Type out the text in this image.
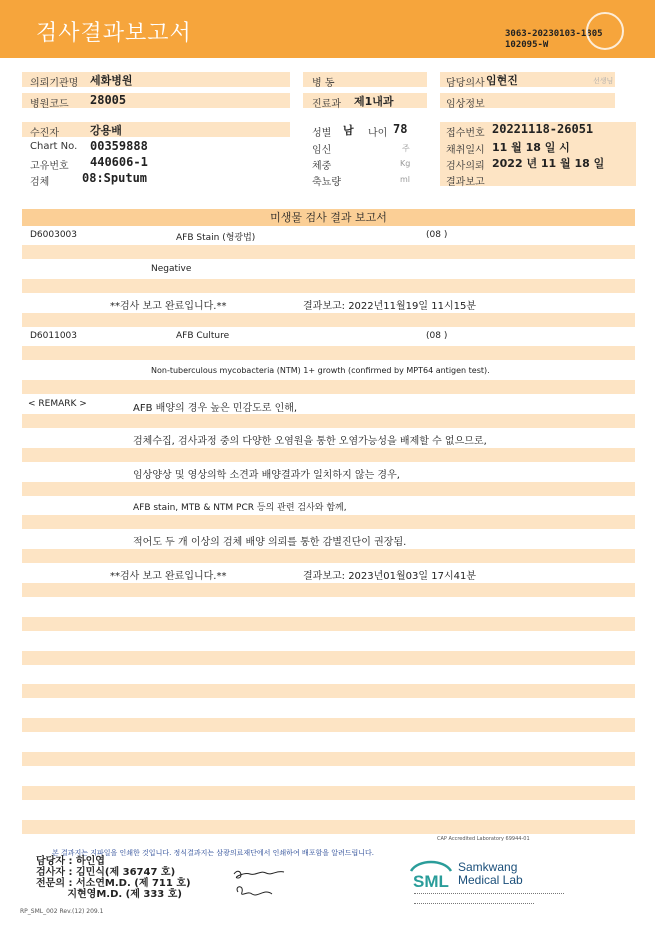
검사결과보고서	3063-20230103-1805
102095-W
의뢰기관명 세화병원
병원코드 28005
수진자	강용배
Chart No. 00359888
고유번호 440606-1
검체	08:Sputum
병 동
진료과 제1내과
성별 남 나이 78
임신	주
체중	Kg
축뇨량	ml
담당의사 임현진	선생님
임상정보
접수번호 20221118-26051
채취일시 11 월 18 일 시
검사의뢰 2022 년 11 월 18 일
결과보고
미생물 검사 결과 보고서
D6003003	AFB Stain (형광법)	(08 )
Negative
**검사 보고 완료입니다.**	결과보고: 2022년11월19일 11시15분
D6011003	AFB Culture	(08 )
Non-tuberculous mycobacteria (NTM) 1+ growth (confirmed by MPT64 antigen test).
< REMARK >	AFB 배양의 경우 높은 민감도로 인해,
검체수집, 검사과정 중의 다양한 오염원을 통한 오염가능성을 배제할 수 없으므로,
임상양상 및 영상의학 소견과 배양결과가 일치하지 않는 경우,
AFB stain, MTB & NTM PCR 등의 관련 검사와 함께,
적어도 두 개 이상의 검체 배양 의뢰를 통한 감별진단이 권장됨.
**검사 보고 완료입니다.**	결과보고: 2023년01월03일 17시41분
CAP Accredited Laboratory 69944-01
본 결과지는 지파일을 인쇄한 것입니다. 정식결과지는 삼광의료재단에서 인쇄하여 배포함을 알려드립니다.
담당자 : 하인엽
검사자 : 김민식(제 36747 호)
전문의 : 서소연M.D. (제 711 호)
지현영M.D. (제 333 호)
SML
Samkwang
Medical Lab
RP_SML_002 Rev.(12) 209.1
